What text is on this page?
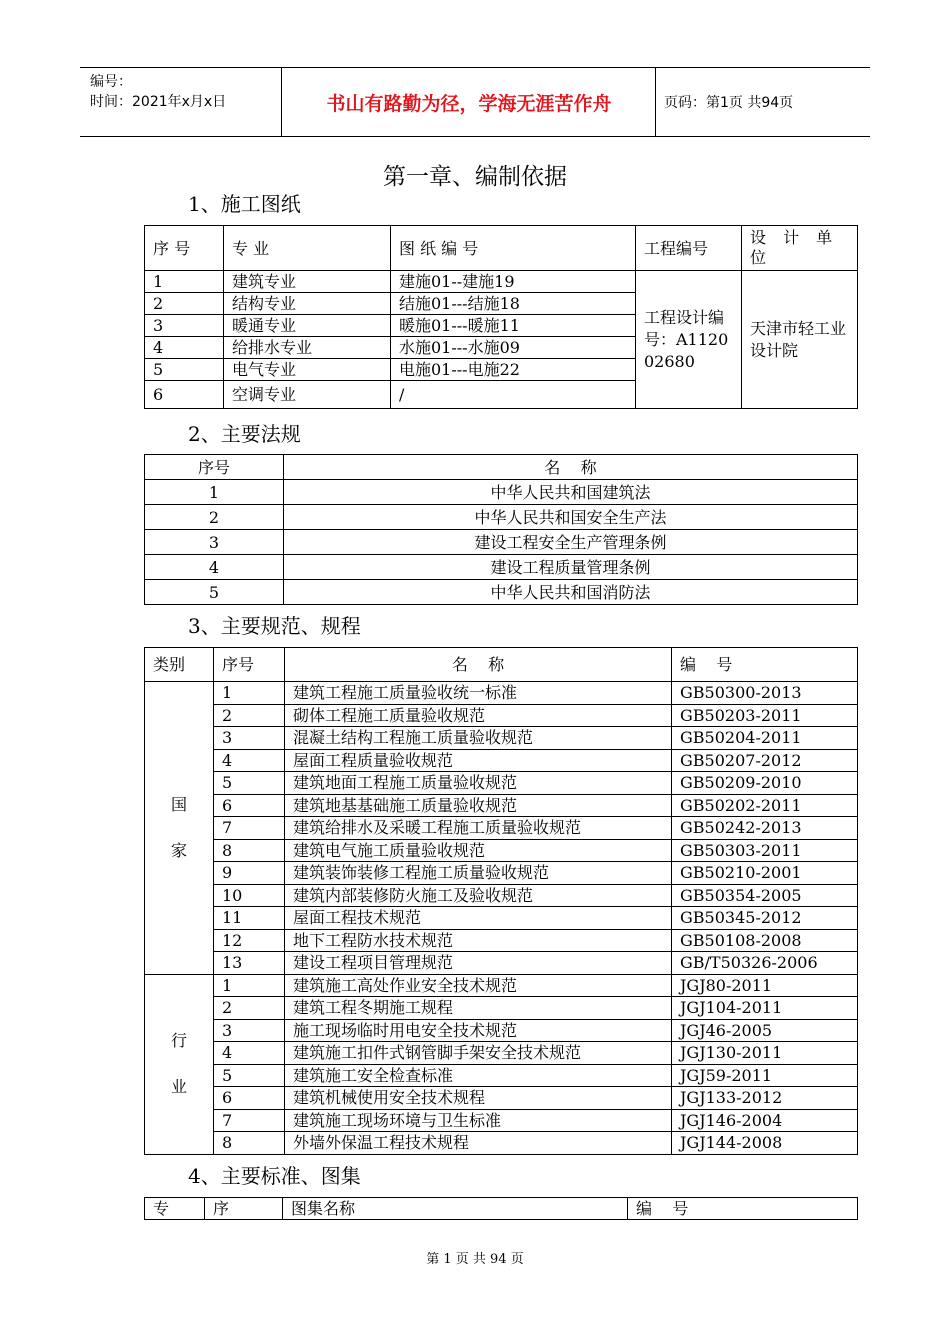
编号：
时间：2021年x月x日	书山有路勤为径，学海无涯苦作舟	页码：第1页 共94页
第一章、编制依据
1、施工图纸
序 号	专 业	图 纸 编 号	工程编号	设 计 单 位
1	建筑专业	建施01--建施19	工程设计编号：A112002680	天津市轻工业设计院
2	结构专业	结施01---结施18		
3	暖通专业	暖施01---暖施11		
4	给排水专业	水施01---水施09		
5	电气专业	电施01---电施22		
6	空调专业	/		
2、主要法规
序号	名    称
1	中华人民共和国建筑法
2	中华人民共和国安全生产法
3	建设工程安全生产管理条例
4	建设工程质量管理条例
5	中华人民共和国消防法
3、主要规范、规程
类别	序号	名    称	编    号

国
家	1	建筑工程施工质量验收统一标准	GB50300-2013
	2	砌体工程施工质量验收规范	GB50203-2011
	3	混凝土结构工程施工质量验收规范	GB50204-2011
	4	屋面工程质量验收规范	GB50207-2012
	5	建筑地面工程施工质量验收规范	GB50209-2010
	6	建筑地基基础施工质量验收规范	GB50202-2011
	7	建筑给排水及采暖工程施工质量验收规范	GB50242-2013
	8	建筑电气施工质量验收规范	GB50303-2011
	9	建筑装饰装修工程施工质量验收规范	GB50210-2001
	10	建筑内部装修防火施工及验收规范	GB50354-2005
	11	屋面工程技术规范	GB50345-2012
	12	地下工程防水技术规范	GB50108-2008
	13	建设工程项目管理规范	GB/T50326-2006

行
业	1	建筑施工高处作业安全技术规范	JGJ80-2011
	2	建筑工程冬期施工规程	JGJ104-2011
	3	施工现场临时用电安全技术规范	JGJ46-2005
	4	建筑施工扣件式钢管脚手架安全技术规范	JGJ130-2011
	5	建筑施工安全检查标准	JGJ59-2011
	6	建筑机械使用安全技术规程	JGJ133-2012
	7	建筑施工现场环境与卫生标准	JGJ146-2004
	8	外墙外保温工程技术规程	JGJ144-2008
4、主要标准、图集
专	序	图集名称	编    号
第 1 页 共 94 页
